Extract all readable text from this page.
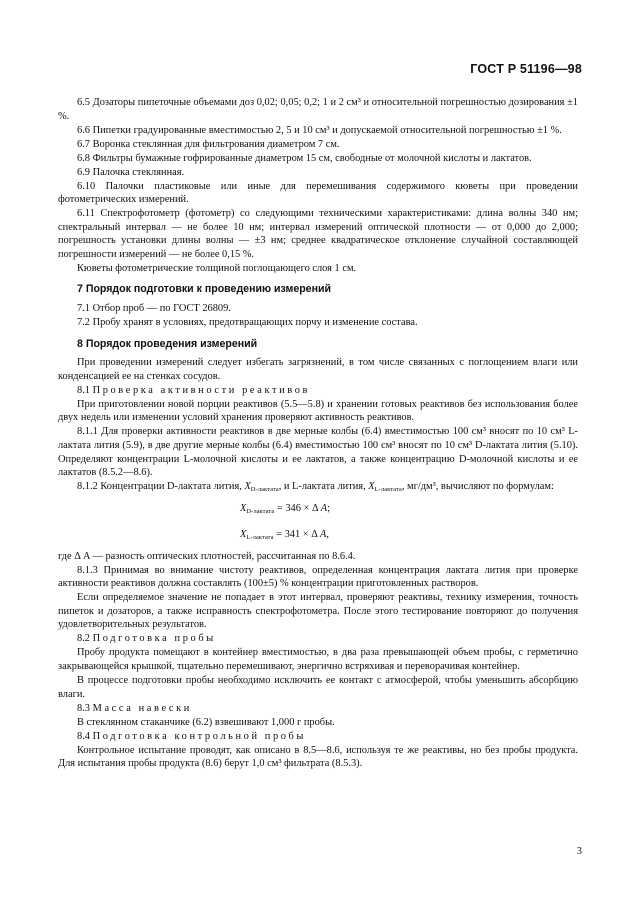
ГОСТ Р 51196—98

6.5 Дозаторы пипеточные объемами доз 0,02; 0,05; 0,2; 1 и 2 см³ и относительной погрешностью дозирования ±1 %.

6.6 Пипетки градуированные вместимостью 2, 5 и 10 см³ и допускаемой относительной погрешностью ±1 %.

6.7 Воронка стеклянная для фильтрования диаметром 7 см.

6.8 Фильтры бумажные гофрированные диаметром 15 см, свободные от молочной кислоты и лактатов.

6.9 Палочка стеклянная.

6.10 Палочки пластиковые или иные для перемешивания содержимого кюветы при проведении фотометрических измерений.

6.11 Спектрофотометр (фотометр) со следующими техническими характеристиками: длина волны 340 нм; спектральный интервал — не более 10 нм; интервал измерений оптической плотности — от 0,000 до 2,000; погрешность установки длины волны — ±3 нм; среднее квадратическое отклонение случайной составляющей погрешности измерений — не более 0,15 %.

Кюветы фотометрические толщиной поглощающего слоя 1 см.

7 Порядок подготовки к проведению измерений

7.1 Отбор проб — по ГОСТ 26809.

7.2 Пробу хранят в условиях, предотвращающих порчу и изменение состава.

8 Порядок проведения измерений

При проведении измерений следует избегать загрязнений, в том числе связанных с поглощением влаги или конденсацией ее на стенках сосудов.

8.1 Проверка активности реактивов

При приготовлении новой порции реактивов (5.5—5.8) и хранении готовых реактивов без использования более двух недель или изменении условий хранения проверяют активность реактивов.

8.1.1 Для проверки активности реактивов в две мерные колбы (6.4) вместимостью 100 см³ вносят по 10 см³ L-лактата лития (5.9), в две другие мерные колбы (6.4) вместимостью 100 см³ вносят по 10 см³ D-лактата лития (5.10). Определяют концентрации L-молочной кислоты и ее лактатов, а также концентрацию D-молочной кислоты и ее лактатов (8.5.2—8.6).

8.1.2 Концентрации D-лактата лития, $X_{D-лактата}$, и L-лактата лития, $X_{L-лактата}$, мг/дм³, вычисляют по формулам:

$X_{D-лактата} = 346 \times \Delta$ A;
$X_{L-лактата} = 341 \times \Delta$ A,

где Δ A — разность оптических плотностей, рассчитанная по 8.6.4.

8.1.3 Принимая во внимание чистоту реактивов, определенная концентрация лактата лития при проверке активности реактивов должна составлять (100±5) % концентрации приготовленных растворов.

Если определяемое значение не попадает в этот интервал, проверяют реактивы, технику измерения, точность пипеток и дозаторов, а также исправность спектрофотометра. После этого тестирование повторяют до получения удовлетворительных результатов.

8.2 Подготовка пробы

Пробу продукта помещают в контейнер вместимостью, в два раза превышающей объем пробы, с герметично закрывающейся крышкой, тщательно перемешивают, энергично встряхивая и переворачивая контейнер.

В процессе подготовки пробы необходимо исключить ее контакт с атмосферой, чтобы уменьшить абсорбцию влаги.

8.3 Масса навески

В стеклянном стаканчике (6.2) взвешивают 1,000 г пробы.

8.4 Подготовка контрольной пробы

Контрольное испытание проводят, как описано в 8.5—8.6, используя те же реактивы, но без пробы продукта. Для испытания пробы продукта (8.6) берут 1,0 см³ фильтрата (8.5.3).

3
